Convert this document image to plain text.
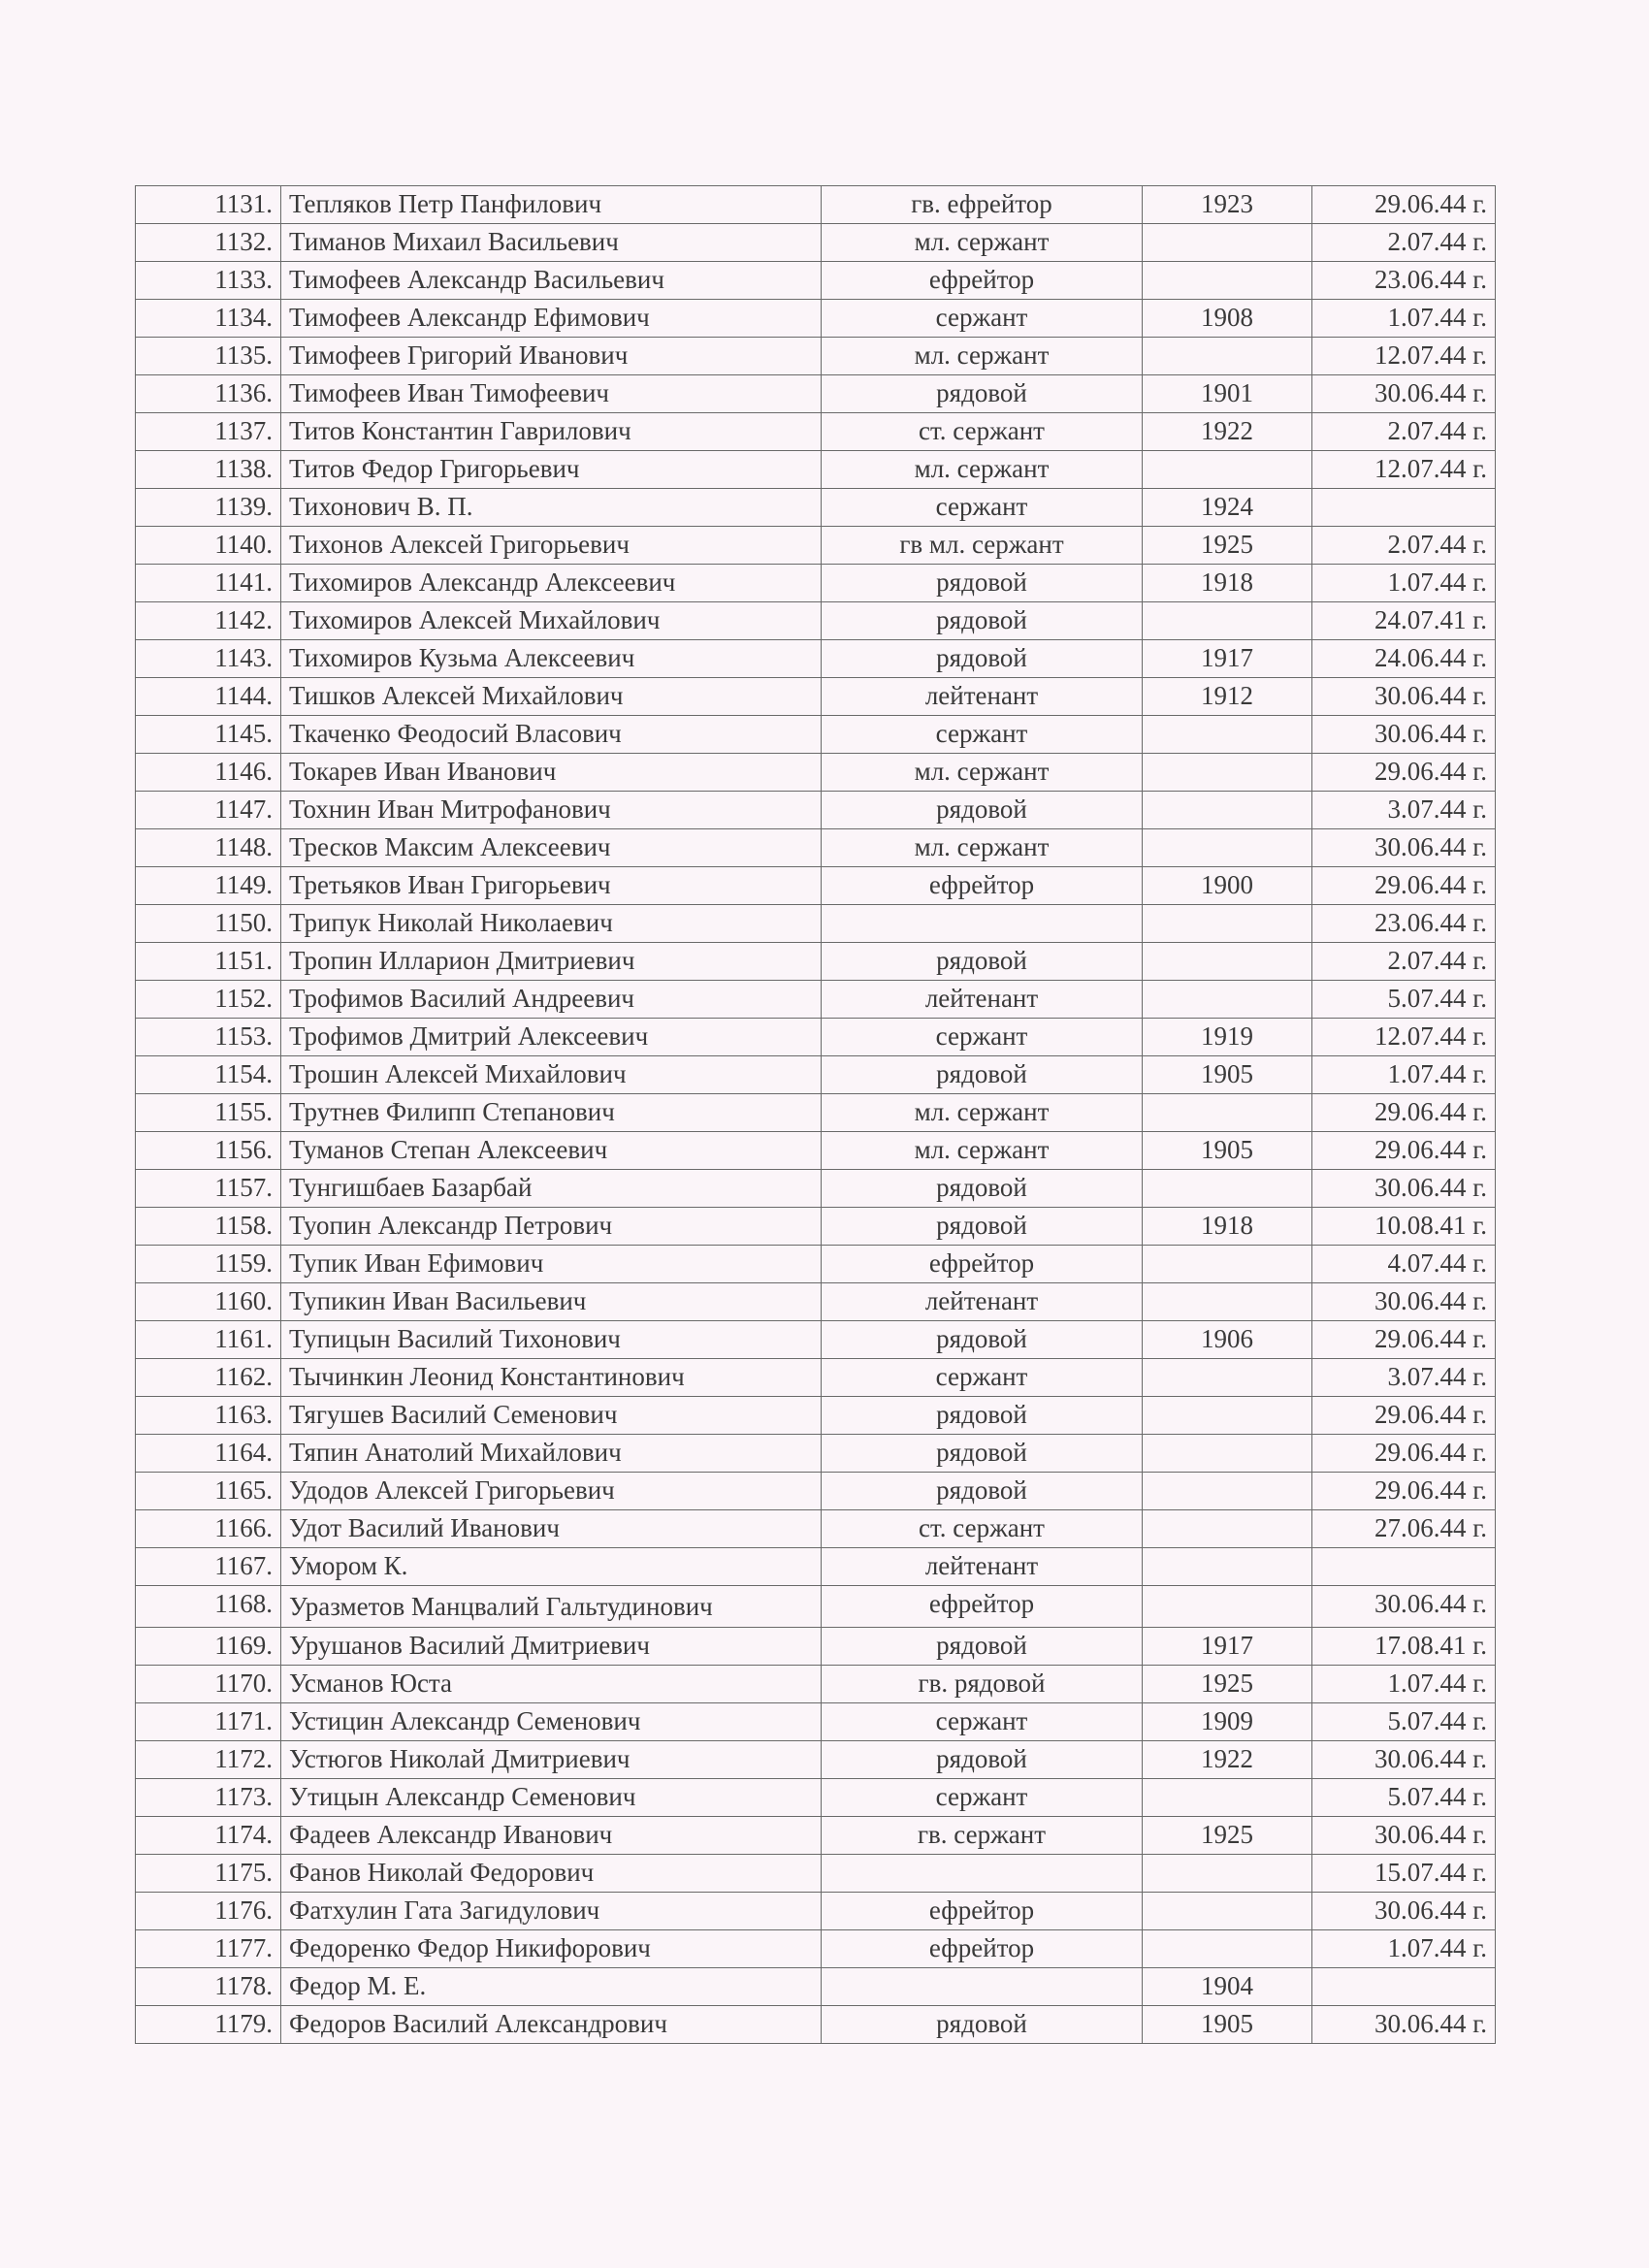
1131.	Тепляков Петр Панфилович	гв. ефрейтор	1923	29.06.44 г.
1132.	Тиманов Михаил Васильевич	мл. сержант		2.07.44 г.
1133.	Тимофеев Александр Васильевич	ефрейтор		23.06.44 г.
1134.	Тимофеев Александр Ефимович	сержант	1908	1.07.44 г.
1135.	Тимофеев Григорий Иванович	мл. сержант		12.07.44 г.
1136.	Тимофеев Иван Тимофеевич	рядовой	1901	30.06.44 г.
1137.	Титов Константин Гаврилович	ст. сержант	1922	2.07.44 г.
1138.	Титов Федор Григорьевич	мл. сержант		12.07.44 г.
1139.	Тихонович В. П.	сержант	1924	
1140.	Тихонов Алексей Григорьевич	гв мл. сержант	1925	2.07.44 г.
1141.	Тихомиров Александр Алексеевич	рядовой	1918	1.07.44 г.
1142.	Тихомиров Алексей Михайлович	рядовой		24.07.41 г.
1143.	Тихомиров Кузьма Алексеевич	рядовой	1917	24.06.44 г.
1144.	Тишков Алексей Михайлович	лейтенант	1912	30.06.44 г.
1145.	Ткаченко Феодосий Власович	сержант		30.06.44 г.
1146.	Токарев Иван Иванович	мл. сержант		29.06.44 г.
1147.	Тохнин Иван Митрофанович	рядовой		3.07.44 г.
1148.	Тресков Максим Алексеевич	мл. сержант		30.06.44 г.
1149.	Третьяков Иван Григорьевич	ефрейтор	1900	29.06.44 г.
1150.	Трипук Николай Николаевич			23.06.44 г.
1151.	Тропин Илларион Дмитриевич	рядовой		2.07.44 г.
1152.	Трофимов Василий Андреевич	лейтенант		5.07.44 г.
1153.	Трофимов Дмитрий Алексеевич	сержант	1919	12.07.44 г.
1154.	Трошин Алексей Михайлович	рядовой	1905	1.07.44 г.
1155.	Трутнев Филипп Степанович	мл. сержант		29.06.44 г.
1156.	Туманов Степан Алексеевич	мл. сержант	1905	29.06.44 г.
1157.	Тунгишбаев Базарбай	рядовой		30.06.44 г.
1158.	Туопин Александр Петрович	рядовой	1918	10.08.41 г.
1159.	Тупик Иван Ефимович	ефрейтор		4.07.44 г.
1160.	Тупикин Иван Васильевич	лейтенант		30.06.44 г.
1161.	Тупицын Василий Тихонович	рядовой	1906	29.06.44 г.
1162.	Тычинкин Леонид Константинович	сержант		3.07.44 г.
1163.	Тягушев Василий Семенович	рядовой		29.06.44 г.
1164.	Тяпин Анатолий Михайлович	рядовой		29.06.44 г.
1165.	Удодов Алексей Григорьевич	рядовой		29.06.44 г.
1166.	Удот Василий Иванович	ст. сержант		27.06.44 г.
1167.	Умором К.	лейтенант		
1168.	Уразметов Манцвалий Гальтудинович	ефрейтор		30.06.44 г.
1169.	Урушанов Василий Дмитриевич	рядовой	1917	17.08.41 г.
1170.	Усманов Юста	гв. рядовой	1925	1.07.44 г.
1171.	Устицин Александр Семенович	сержант	1909	5.07.44 г.
1172.	Устюгов Николай Дмитриевич	рядовой	1922	30.06.44 г.
1173.	Утицын Александр Семенович	сержант		5.07.44 г.
1174.	Фадеев Александр Иванович	гв. сержант	1925	30.06.44 г.
1175.	Фанов Николай Федорович			15.07.44 г.
1176.	Фатхулин Гата Загидулович	ефрейтор		30.06.44 г.
1177.	Федоренко Федор Никифорович	ефрейтор		1.07.44 г.
1178.	Федор М. Е.		1904	
1179.	Федоров Василий Александрович	рядовой	1905	30.06.44 г.
